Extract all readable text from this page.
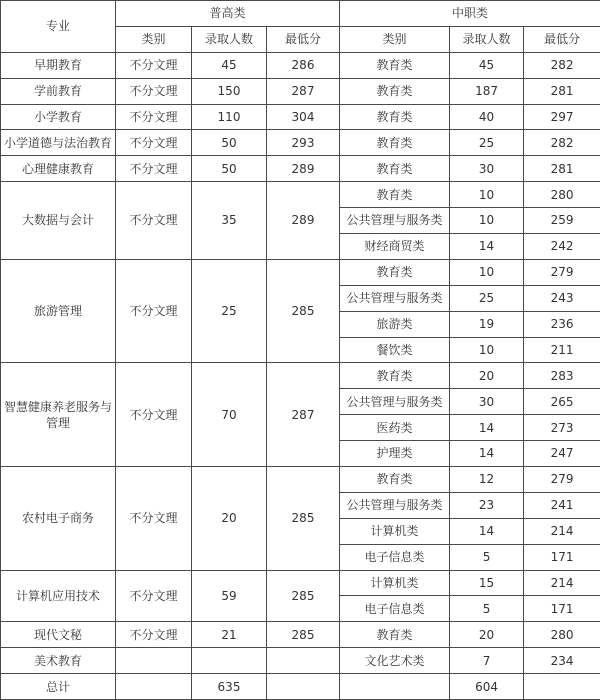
专业	普高类			中职类		
	类别	录取人数	最低分	类别	录取人数	最低分
早期教育	不分文理	45	286	教育类	45	282
学前教育	不分文理	150	287	教育类	187	281
小学教育	不分文理	110	304	教育类	40	297
小学道德与法治教育	不分文理	50	293	教育类	25	282
心理健康教育	不分文理	50	289	教育类	30	281
大数据与会计	不分文理	35	289	教育类	10	280
				公共管理与服务类	10	259
				财经商贸类	14	242
旅游管理	不分文理	25	285	教育类	10	279
				公共管理与服务类	25	243
				旅游类	19	236
				餐饮类	10	211
智慧健康养老服务与管理	不分文理	70	287	教育类	20	283
				公共管理与服务类	30	265
				医药类	14	273
				护理类	14	247
农村电子商务	不分文理	20	285	教育类	12	279
				公共管理与服务类	23	241
				计算机类	14	214
				电子信息类	5	171
计算机应用技术	不分文理	59	285	计算机类	15	214
				电子信息类	5	171
现代文秘	不分文理	21	285	教育类	20	280
美术教育				文化艺术类	7	234
总计		635			604	
